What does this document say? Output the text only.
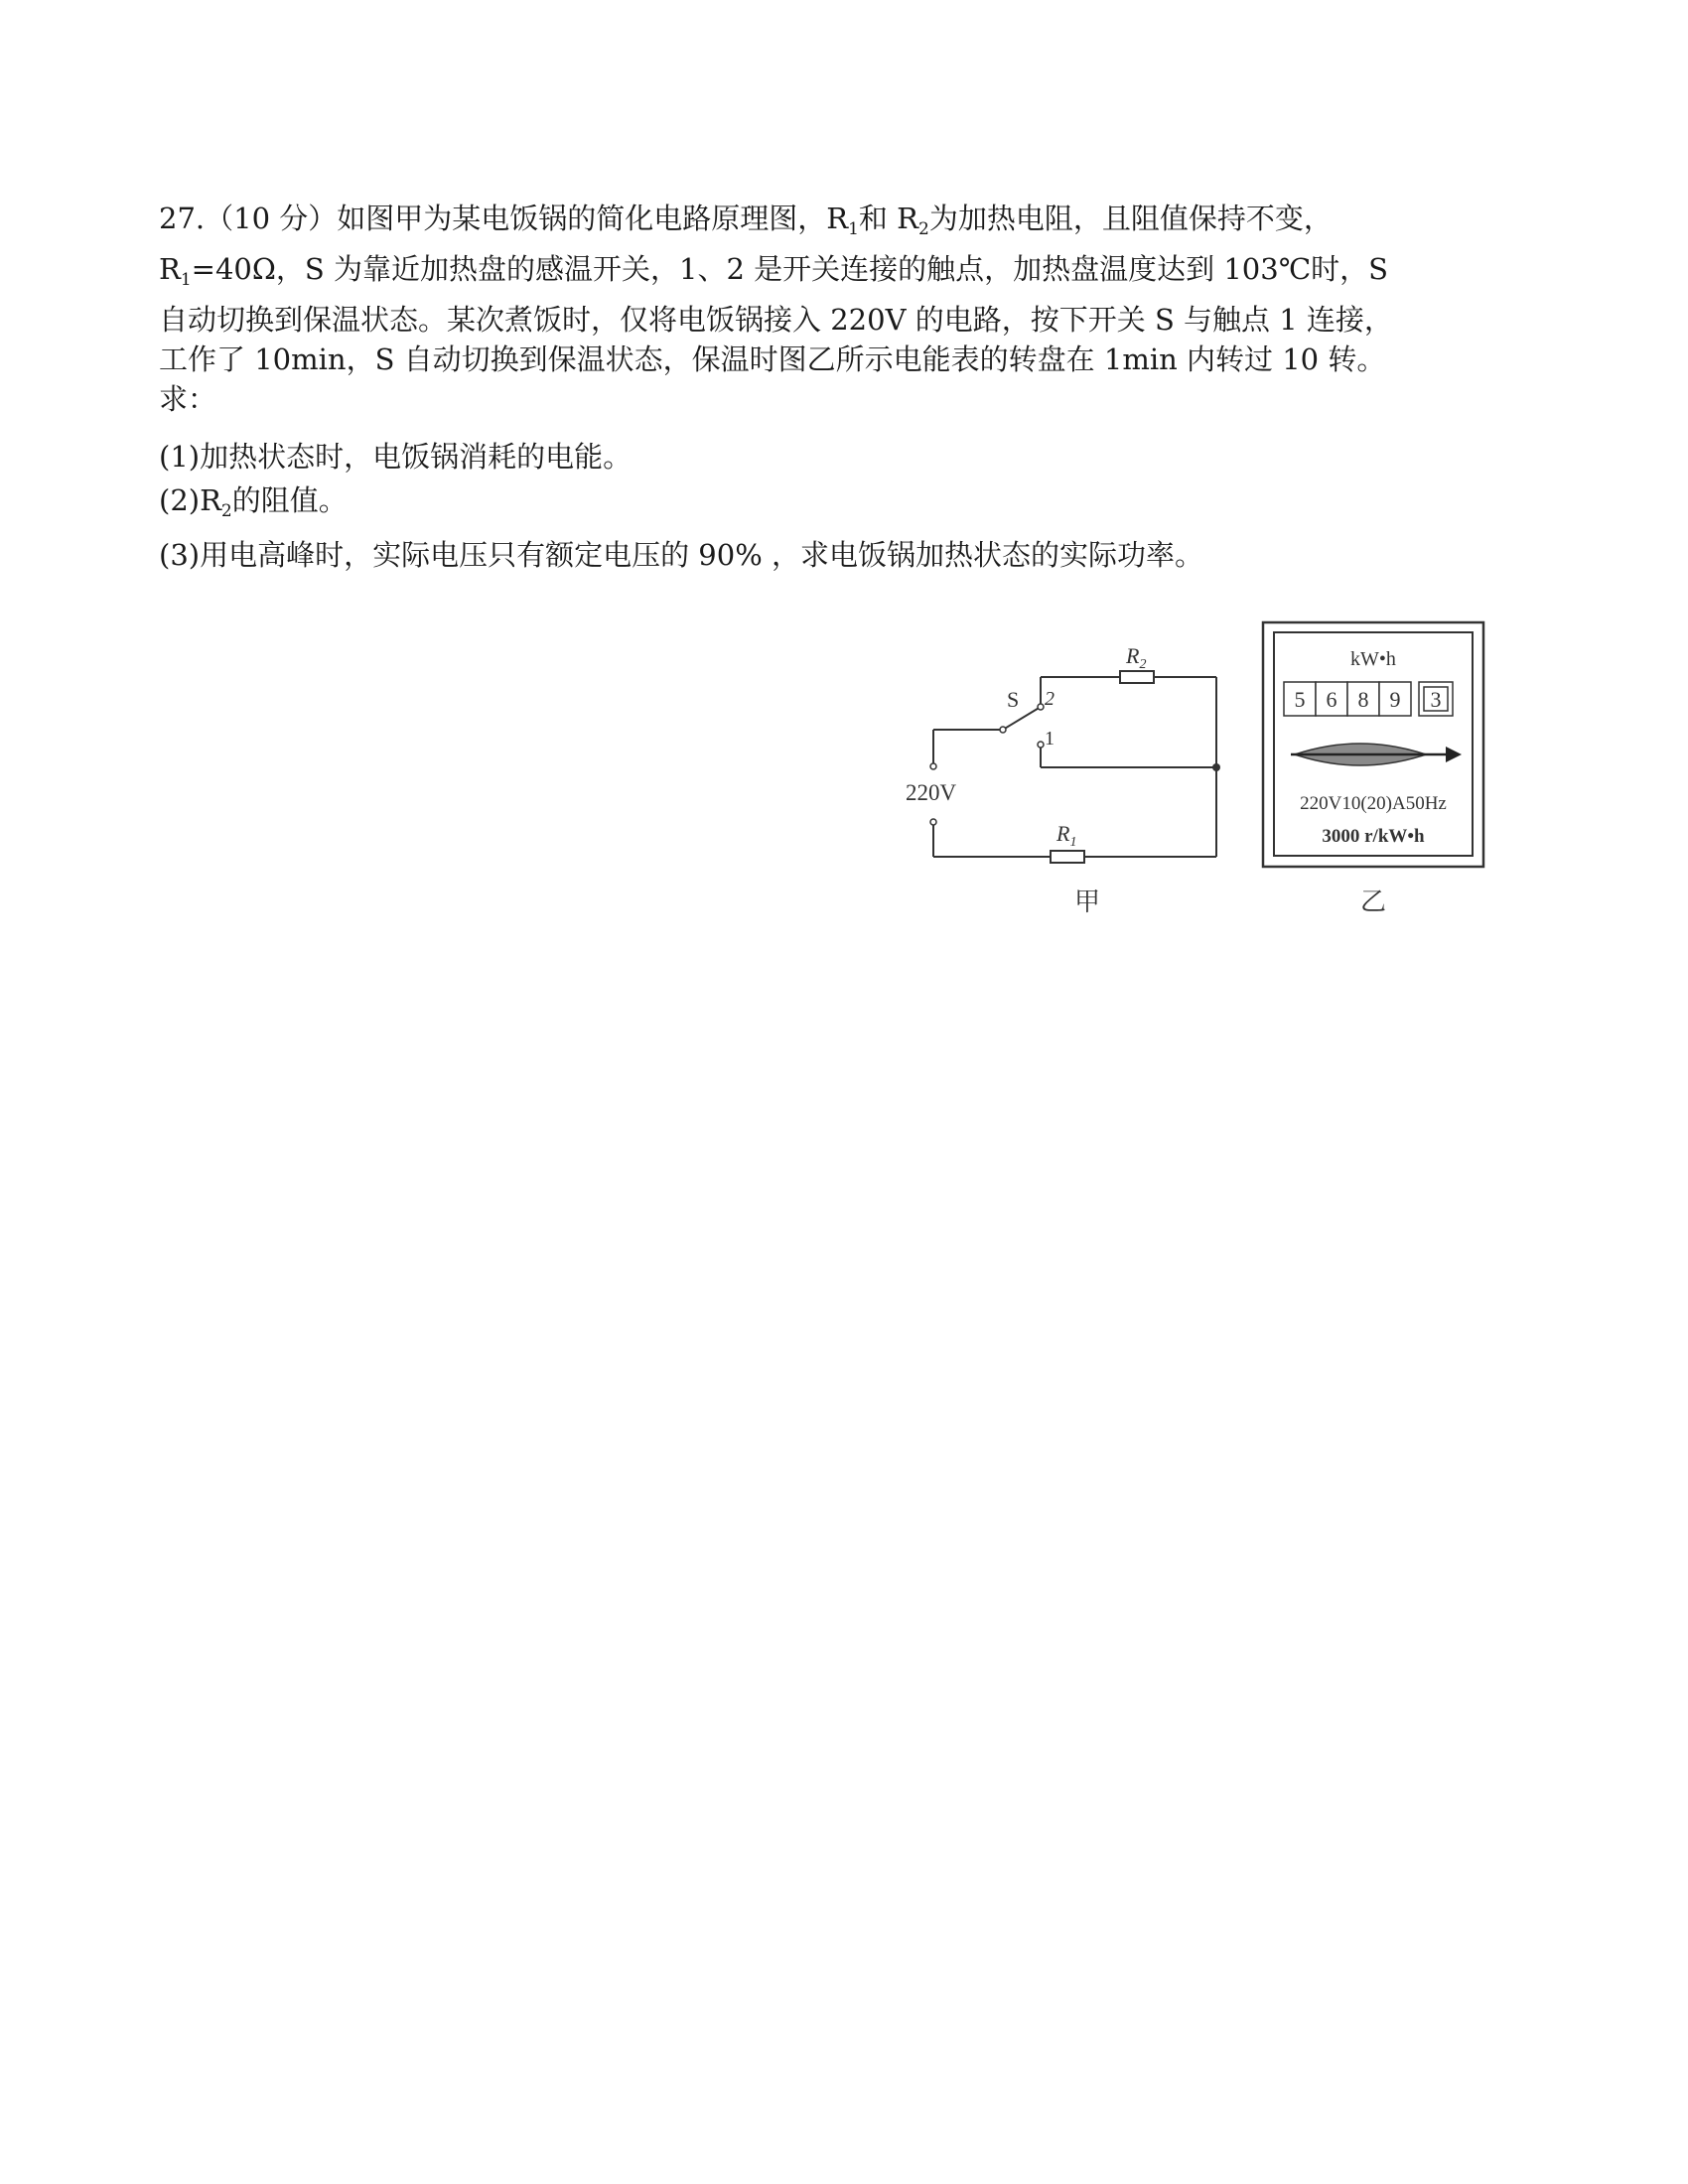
27.（10 分）如图甲为某电饭锅的简化电路原理图，$R_1$和 $R_2$为加热电阻，且阻值保持不变，
$R_1=40\Omega$，S 为靠近加热盘的感温开关，1、2 是开关连接的触点，加热盘温度达到 103℃时，S
自动切换到保温状态。某次煮饭时，仅将电饭锅接入 220V 的电路，按下开关 S 与触点 1 连接，
工作了 10min，S 自动切换到保温状态，保温时图乙所示电能表的转盘在 1min 内转过 10 转。
求：
(1)加热状态时，电饭锅消耗的电能。
$(2)R_2$的阻值。
(3)用电高峰时，实际电压只有额定电压的 90% ，求电饭锅加热状态的实际功率。
$R_2$
$R_1$
S 2
1
220V
甲
kW•h
5 6 8 9 3
220V10(20)A50Hz
3000 r/kW•h
乙
